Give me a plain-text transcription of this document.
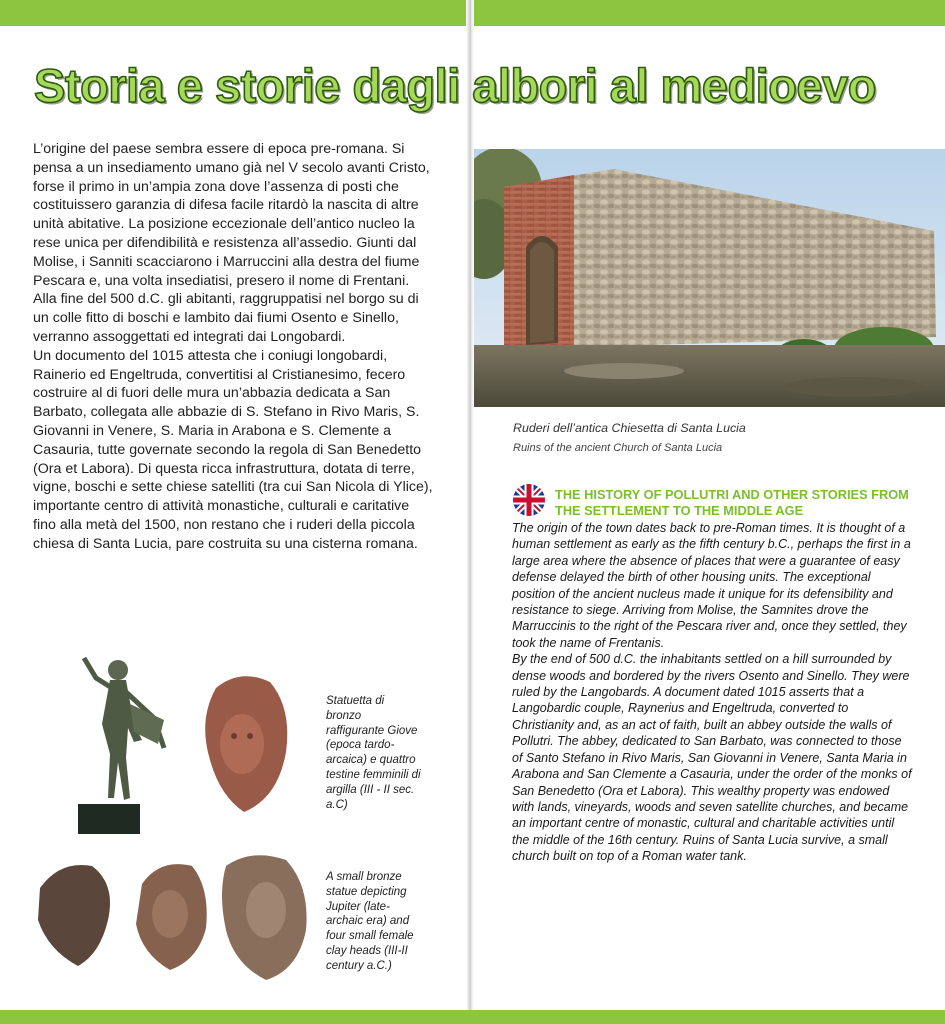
Storia e storie dagli albori al medioevo

L’origine del paese sembra essere di epoca pre-romana. Si pensa a un insediamento umano già nel V secolo avanti Cristo, forse il primo in un’ampia zona dove l’assenza di posti che costituissero garanzia di difesa facile ritardò la nascita di altre unità abitative. La posizione eccezionale dell’antico nucleo la rese unica per difendibilità e resistenza all’assedio. Giunti dal Molise, i Sanniti scacciarono i Marruccini alla destra del fiume Pescara e, una volta insediatisi, presero il nome di Frentani. Alla fine del 500 d.C. gli abitanti, raggruppatisi nel borgo su di un colle fitto di boschi e lambito dai fiumi Osento e Sinello, verranno assoggettati ed integrati dai Longobardi.

Un documento del 1015 attesta che i coniugi longobardi, Rainerio ed Engeltruda, convertitisi al Cristianesimo, fecero costruire al di fuori delle mura un’abbazia dedicata a San Barbato, collegata alle abbazie di S. Stefano in Rivo Maris, S. Giovanni in Venere, S. Maria in Arabona e S. Clemente a Casauria, tutte governate secondo la regola di San Benedetto (Ora et Labora). Di questa ricca infrastruttura, dotata di terre, vigne, boschi e sette chiese satelliti (tra cui San Nicola di Ylice), importante centro di attività monastiche, culturali e caritative fino alla metà del 1500, non restano che i ruderi della piccola chiesa di Santa Lucia, pare costruita su una cisterna romana.

Ruderi dell’antica Chiesetta di Santa Lucia

Ruins of the ancient Church of Santa Lucia

THE HISTORY OF POLLUTRI AND OTHER STORIES FROM THE SETTLEMENT TO THE MIDDLE AGE

The origin of the town dates back to pre-Roman times. It is thought of a human settlement as early as the fifth century b.C., perhaps the first in a large area where the absence of places that were a guarantee of easy defense delayed the birth of other housing units. The exceptional position of the ancient nucleus made it unique for its defensibility and resistance to siege. Arriving from Molise, the Samnites drove the Marruccinis to the right of the Pescara river and, once they settled, they took the name of Frentanis.

By the end of 500 d.C. the inhabitants settled on a hill surrounded by dense woods and bordered by the rivers Osento and Sinello. They were ruled by the Langobards. A document dated 1015 asserts that a Langobardic couple, Raynerius and Engeltruda, converted to Christianity and, as an act of faith, built an abbey outside the walls of Pollutri. The abbey, dedicated to San Barbato, was connected to those of Santo Stefano in Rivo Maris, San Giovanni in Venere, Santa Maria in Arabona and San Clemente a Casauria, under the order of the monks of San Benedetto (Ora et Labora). This wealthy property was endowed with lands, vineyards, woods and seven satellite churches, and became an important centre of monastic, cultural and charitable activities until the middle of the 16th century. Ruins of Santa Lucia survive, a small church built on top of a Roman water tank.

Statuetta di bronzo raffigurante Giove (epoca tardo-arcaica) e quattro testine femminili di argilla (III - II sec. a.C)

A small bronze statue depicting Jupiter (late-archaic era) and four small female clay heads (III-II century a.C.)
